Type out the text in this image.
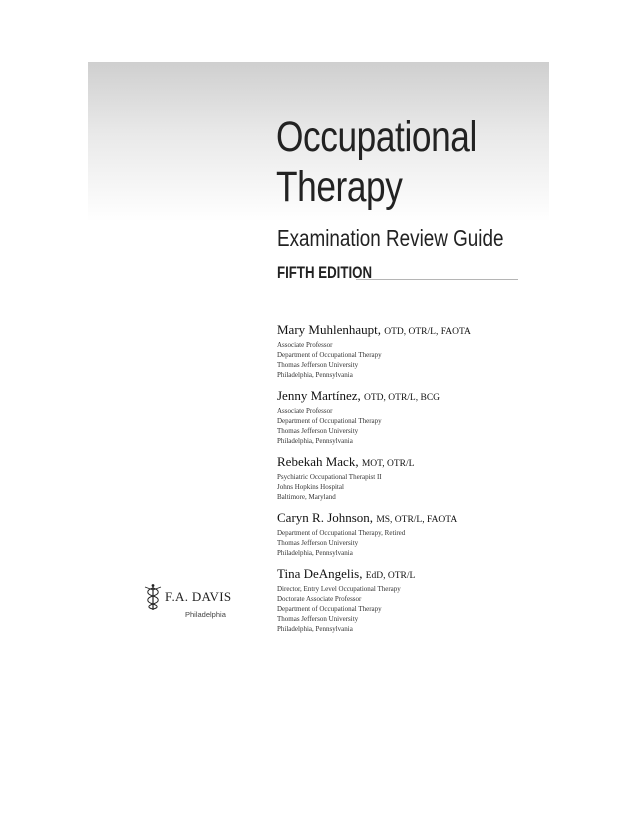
Occupational
Therapy
Examination Review Guide
FIFTH EDITION
Mary Muhlenhaupt, OTD, OTR/L, FAOTA
Associate Professor
Department of Occupational Therapy
Thomas Jefferson University
Philadelphia, Pennsylvania
Jenny Martínez, OTD, OTR/L, BCG
Associate Professor
Department of Occupational Therapy
Thomas Jefferson University
Philadelphia, Pennsylvania
Rebekah Mack, MOT, OTR/L
Psychiatric Occupational Therapist II
Johns Hopkins Hospital
Baltimore, Maryland
Caryn R. Johnson, MS, OTR/L, FAOTA
Department of Occupational Therapy, Retired
Thomas Jefferson University
Philadelphia, Pennsylvania
Tina DeAngelis, EdD, OTR/L
Director, Entry Level Occupational Therapy
Doctorate Associate Professor
Department of Occupational Therapy
Thomas Jefferson University
Philadelphia, Pennsylvania
F.A. DAVIS
Philadelphia
